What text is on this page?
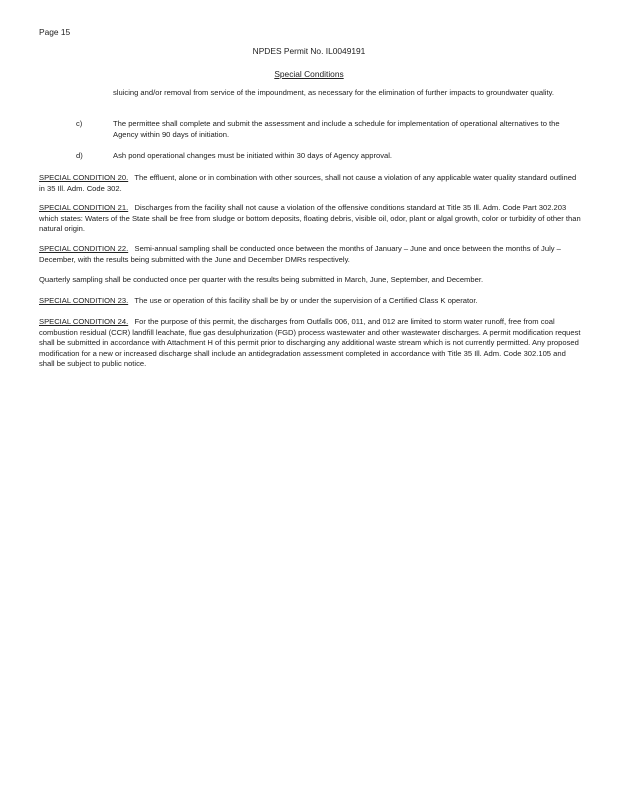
Page 15
NPDES Permit No. IL0049191
Special Conditions
sluicing and/or removal from service of the impoundment, as necessary for the elimination of further impacts to groundwater quality.
c)	The permittee shall complete and submit the assessment and include a schedule for implementation of operational alternatives to the Agency within 90 days of initiation.
d)	Ash pond operational changes must be initiated within 30 days of Agency approval.
SPECIAL CONDITION 20. The effluent, alone or in combination with other sources, shall not cause a violation of any applicable water quality standard outlined in 35 Ill. Adm. Code 302.
SPECIAL CONDITION 21. Discharges from the facility shall not cause a violation of the offensive conditions standard at Title 35 Ill. Adm. Code Part 302.203 which states: Waters of the State shall be free from sludge or bottom deposits, floating debris, visible oil, odor, plant or algal growth, color or turbidity of other than natural origin.
SPECIAL CONDITION 22. Semi-annual sampling shall be conducted once between the months of January – June and once between the months of July – December, with the results being submitted with the June and December DMRs respectively.
Quarterly sampling shall be conducted once per quarter with the results being submitted in March, June, September, and December.
SPECIAL CONDITION 23. The use or operation of this facility shall be by or under the supervision of a Certified Class K operator.
SPECIAL CONDITION 24. For the purpose of this permit, the discharges from Outfalls 006, 011, and 012 are limited to storm water runoff, free from coal combustion residual (CCR) landfill leachate, flue gas desulphurization (FGD) process wastewater and other wastewater discharges. A permit modification request shall be submitted in accordance with Attachment H of this permit prior to discharging any additional waste stream which is not currently permitted. Any proposed modification for a new or increased discharge shall include an antidegradation assessment completed in accordance with Title 35 Ill. Adm. Code 302.105 and shall be subject to public notice.
